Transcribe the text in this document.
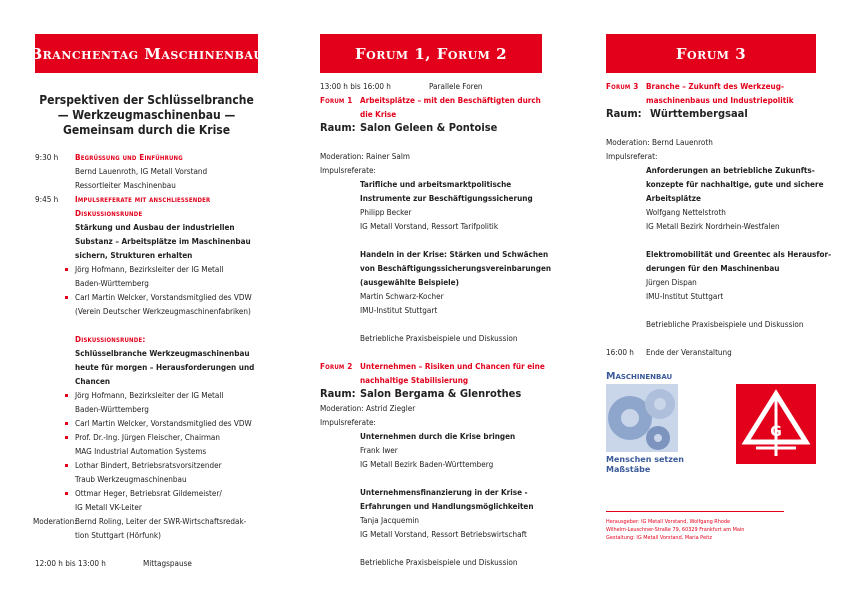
Branchentag Maschinenbau
Perspektiven der Schlüsselbranche
— Werkzeugmaschinenbau —
Gemeinsam durch die Krise
9:30 h Begrüßung und Einführung
Bernd Lauenroth, IG Metall Vorstand
Ressortleiter Maschinenbau
9:45 h Impulsreferate mit anschliessender
Diskussionsrunde
Stärkung und Ausbau der industriellen
Substanz – Arbeitsplätze im Maschinenbau
sichern, Strukturen erhalten
Jörg Hofmann, Bezirksleiter der IG Metall
Baden-Württemberg
Carl Martin Welcker, Vorstandsmitglied des VDW
(Verein Deutscher Werkzeugmaschinenfabriken)
Diskussionsrunde:
Schlüsselbranche Werkzeugmaschinenbau
heute für morgen – Herausforderungen und
Chancen
Jörg Hofmann, Bezirksleiter der IG Metall
Baden-Württemberg
Carl Martin Welcker, Vorstandsmitglied des VDW
Prof. Dr.-Ing. Jürgen Fleischer, Chairman
MAG Industrial Automation Systems
Lothar Bindert, Betriebsratsvorsitzender
Traub Werkzeugmaschinenbau
Ottmar Heger, Betriebsrat Gildemeister/
IG Metall VK-Leiter
Moderation:
Bernd Roling, Leiter der SWR-Wirtschaftsredak-
tion Stuttgart (Hörfunk)
12:00 h bis 13:00 h	Mittagspause
Forum 1, Forum 2
13:00 h bis 16:00 h	Parallele Foren
Forum 1 Arbeitsplätze – mit den Beschäftigten durch
die Krise
Raum: Salon Geleen & Pontoise
Moderation: Rainer Salm
Impulsreferate:
Tarifliche und arbeitsmarktpolitische
Instrumente zur Beschäftigungssicherung
Philipp Becker
IG Metall Vorstand, Ressort Tarifpolitik
Handeln in der Krise: Stärken und Schwächen
von Beschäftigungssicherungsvereinbarungen
(ausgewählte Beispiele)
Martin Schwarz-Kocher
IMU-Institut Stuttgart
Betriebliche Praxisbeispiele und Diskussion
Forum 2 Unternehmen – Risiken und Chancen für eine
nachhaltige Stabilisierung
Raum: Salon Bergama & Glenrothes
Moderation: Astrid Ziegler
Impulsreferate:
Unternehmen durch die Krise bringen
Frank Iwer
IG Metall Bezirk Baden-Württemberg
Unternehmensfinanzierung in der Krise -
Erfahrungen und Handlungsmöglichkeiten
Tanja Jacquemin
IG Metall Vorstand, Ressort Betriebswirtschaft
Betriebliche Praxisbeispiele und Diskussion
Forum 3
Forum 3 Branche – Zukunft des Werkzeug-
maschinenbaus und Industriepolitik
Raum: Württembergsaal
Moderation: Bernd Lauenroth
Impulsreferat:
Anforderungen an betriebliche Zukunfts-
konzepte für nachhaltige, gute und sichere
Arbeitsplätze
Wolfgang Nettelstroth
IG Metall Bezirk Nordrhein-Westfalen
Elektromobilität und Greentec als Herausfor-
derungen für den Maschinenbau
Jürgen Dispan
IMU-Institut Stuttgart
Betriebliche Praxisbeispiele und Diskussion
16:00 h Ende der Veranstaltung
Maschinenbau
Menschen setzen
Maßstäbe
G
Herausgeber: IG Metall Vorstand, Wolfgang Rhode
Wilhelm-Leuschner-Straße 79, 60329 Frankfurt am Main
Gestaltung: IG Metall Vorstand, Maria Peitz
